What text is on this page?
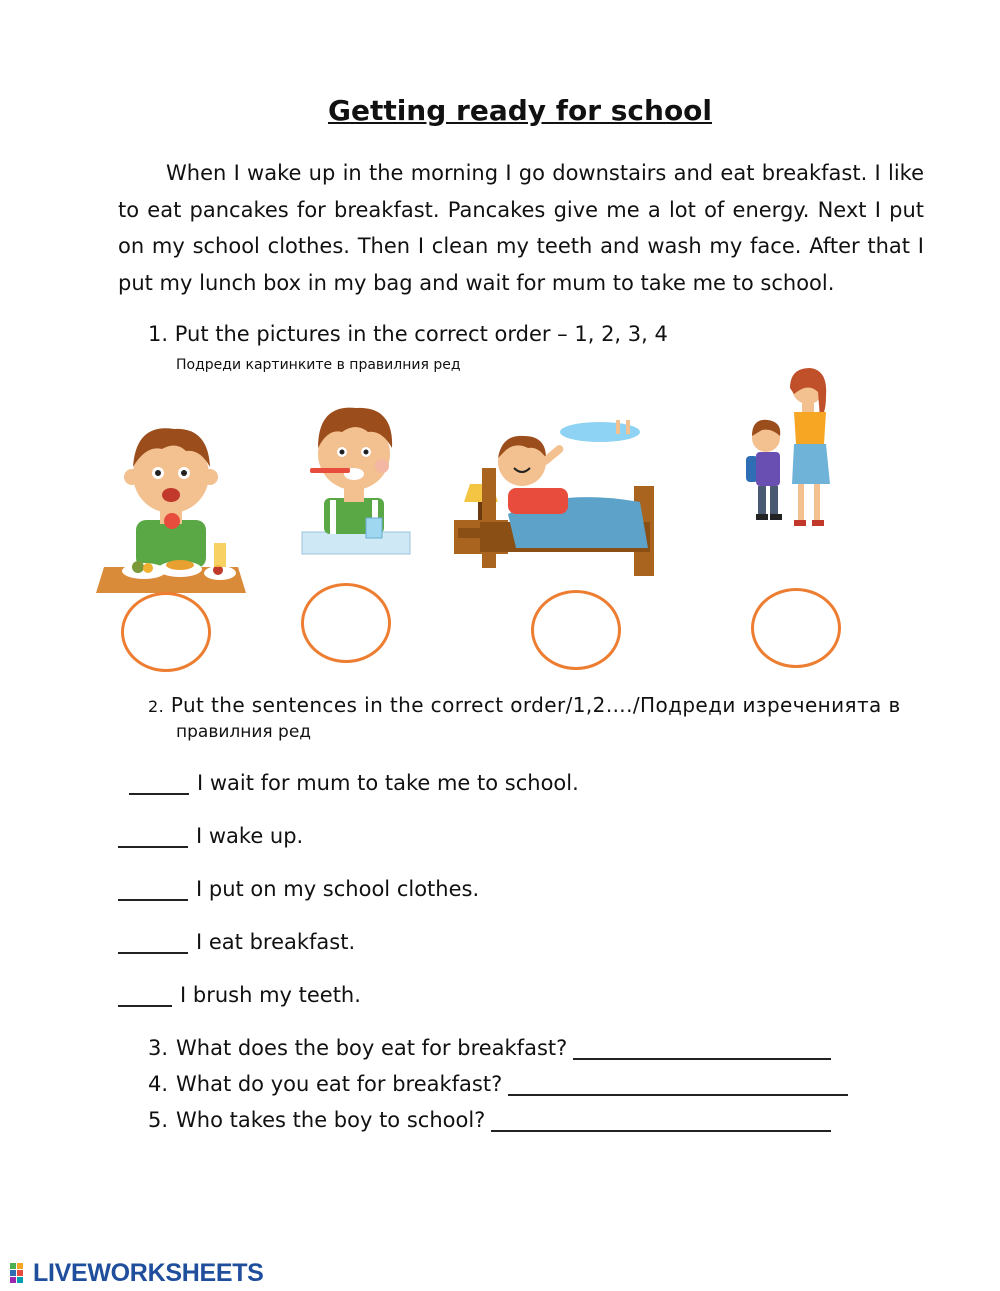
Getting ready for school

When I wake up in the morning I go downstairs and eat breakfast. I like to eat pancakes for breakfast. Pancakes give me a lot of energy. Next I put on my school clothes. Then I clean my teeth and wash my face. After that I put my lunch box in my bag and wait for mum to take me to school.

1. Put the pictures in the correct order – 1, 2, 3, 4
Подреди картинките в правилния ред
2. Put the sentences in the correct order/1,2…./Подреди изреченията в
правилния ред
I wait for mum to take me to school.
I wake up.
I put on my school clothes.
I eat breakfast.
I brush my teeth.
3. What does the boy eat for breakfast?
4. What do you eat for breakfast?
5. Who takes the boy to school?
LIVEWORKSHEETS
